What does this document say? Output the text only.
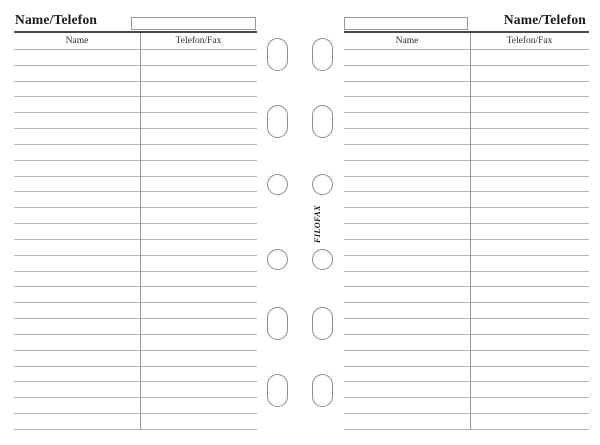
Name/Telefon
Name	Telefon/Fax
Name/Telefon
Name	Telefon/Fax
filofax
